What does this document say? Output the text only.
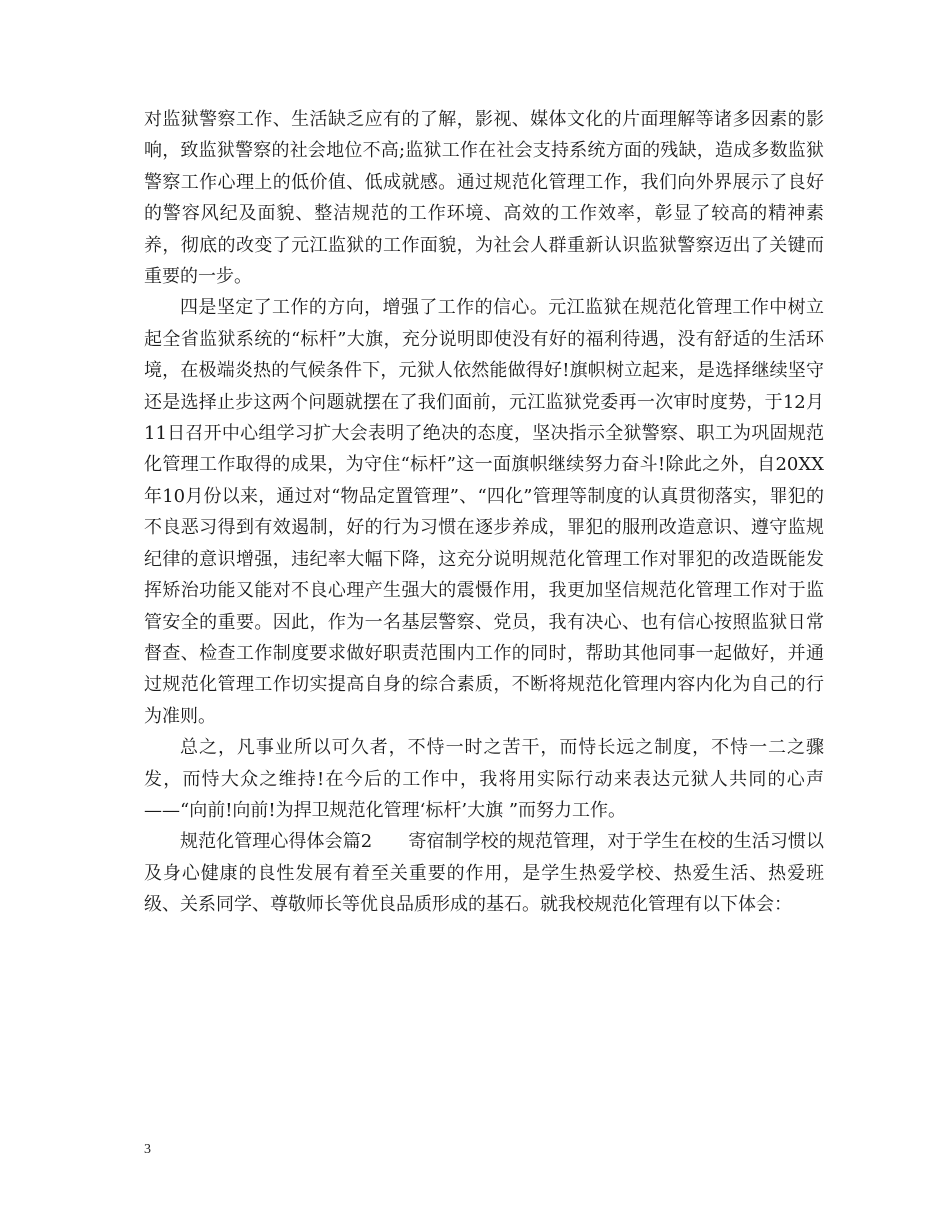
对监狱警察工作、生活缺乏应有的了解，影视、媒体文化的片面理解等诸多因素的影响，致监狱警察的社会地位不高;监狱工作在社会支持系统方面的残缺，造成多数监狱警察工作心理上的低价值、低成就感。通过规范化管理工作，我们向外界展示了良好的警容风纪及面貌、整洁规范的工作环境、高效的工作效率，彰显了较高的精神素养，彻底的改变了元江监狱的工作面貌，为社会人群重新认识监狱警察迈出了关键而重要的一步。

四是坚定了工作的方向，增强了工作的信心。元江监狱在规范化管理工作中树立起全省监狱系统的“标杆”大旗，充分说明即使没有好的福利待遇，没有舒适的生活环境，在极端炎热的气候条件下，元狱人依然能做得好!旗帜树立起来，是选择继续坚守还是选择止步这两个问题就摆在了我们面前，元江监狱党委再一次审时度势，于12月11日召开中心组学习扩大会表明了绝决的态度，坚决指示全狱警察、职工为巩固规范化管理工作取得的成果，为守住“标杆”这一面旗帜继续努力奋斗!除此之外，自20XX年10月份以来，通过对“物品定置管理”、“四化”管理等制度的认真贯彻落实，罪犯的不良恶习得到有效遏制，好的行为习惯在逐步养成，罪犯的服刑改造意识、遵守监规纪律的意识增强，违纪率大幅下降，这充分说明规范化管理工作对罪犯的改造既能发挥矫治功能又能对不良心理产生强大的震慑作用，我更加坚信规范化管理工作对于监管安全的重要。因此，作为一名基层警察、党员，我有决心、也有信心按照监狱日常督查、检查工作制度要求做好职责范围内工作的同时，帮助其他同事一起做好，并通过规范化管理工作切实提高自身的综合素质，不断将规范化管理内容内化为自己的行为准则。

总之，凡事业所以可久者，不恃一时之苦干，而恃长远之制度，不恃一二之骤发，而恃大众之维持!在今后的工作中，我将用实际行动来表达元狱人共同的心声——“向前!向前!为捍卫规范化管理‘标杆’大旗 ”而努力工作。

规范化管理心得体会篇2　　寄宿制学校的规范管理，对于学生在校的生活习惯以及身心健康的良性发展有着至关重要的作用，是学生热爱学校、热爱生活、热爱班级、关系同学、尊敬师长等优良品质形成的基石。就我校规范化管理有以下体会：

3
